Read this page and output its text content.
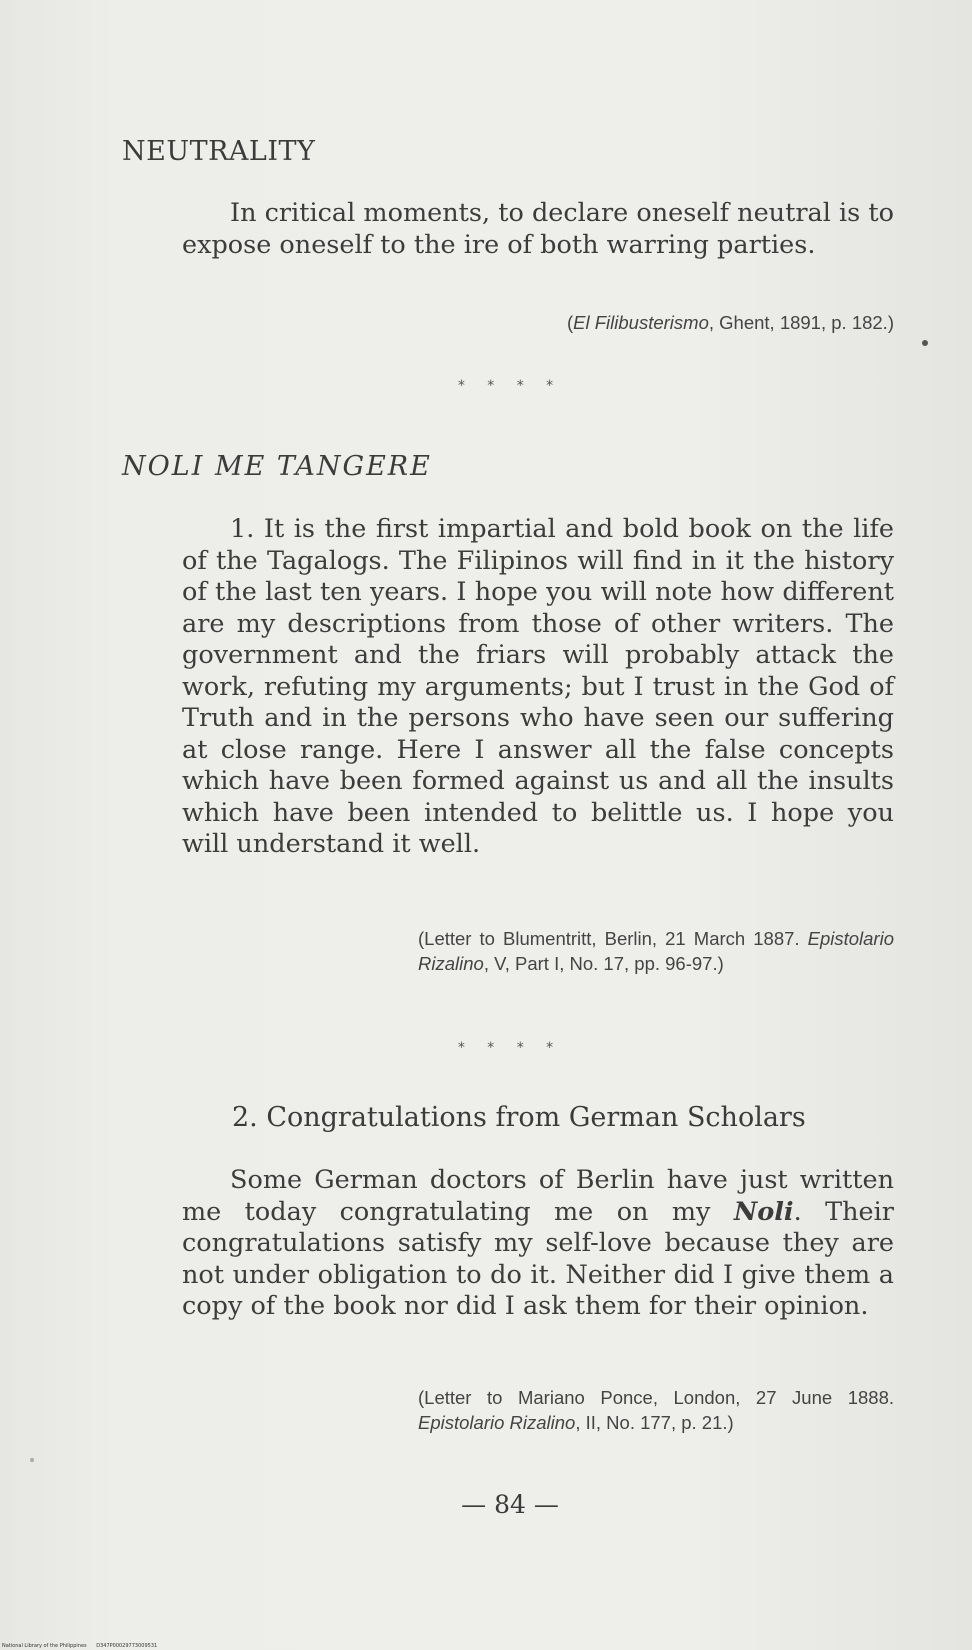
NEUTRALITY

In critical moments, to declare oneself neutral is to expose oneself to the ire of both warring parties.

(El Filibusterismo, Ghent, 1891, p. 182.)
* * * *
NOLI ME TANGERE

1. It is the first impartial and bold book on the life of the Tagalogs. The Filipinos will find in it the history of the last ten years. I hope you will note how different are my descriptions from those of other writers. The government and the friars will probably attack the work, refuting my arguments; but I trust in the God of Truth and in the persons who have seen our suffering at close range. Here I answer all the false concepts which have been formed against us and all the insults which have been intended to belittle us. I hope you will understand it well.

(Letter to Blumentritt, Berlin, 21 March 1887. Epistolario Rizalino, V, Part I, No. 17, pp. 96-97.)
* * * *
2. Congratulations from German Scholars

Some German doctors of Berlin have just written me today congratulating me on my Noli. Their congratulations satisfy my self-love because they are not under obligation to do it. Neither did I give them a copy of the book nor did I ask them for their opinion.

(Letter to Mariano Ponce, London, 27 June 1888. Epistolario Rizalino, II, No. 177, p. 21.)
— 84 —
National Library of the Philippines D347P00029773009531
